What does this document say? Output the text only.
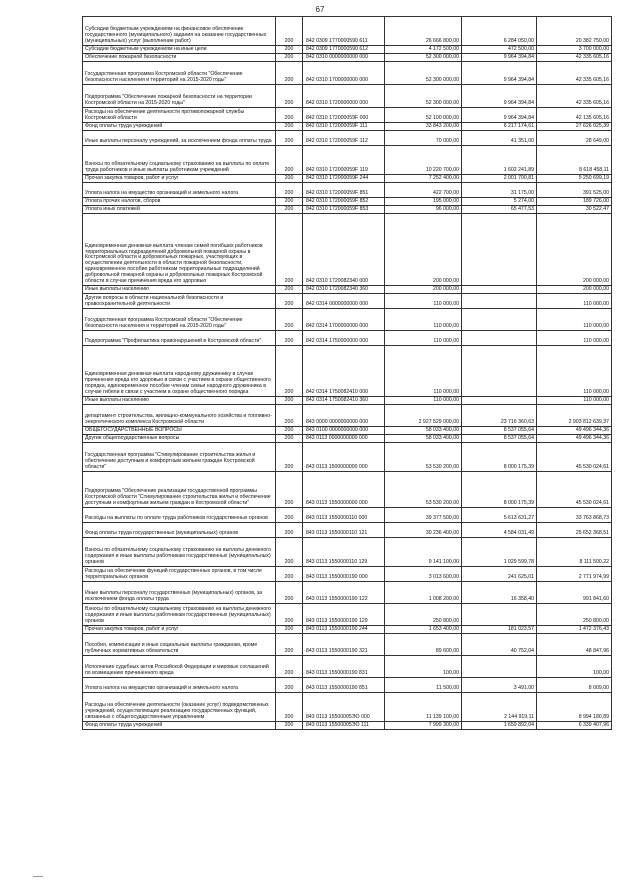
67
Субсидии бюджетным учреждениям на финансовое обеспечение государственного (муниципального) задания на оказание государственных (муниципальных) услуг (выполнение работ)	200	842 0309 1770000590 611	26 666 800,00	6 284 050,00	20 382 750,00
Субсидии бюджетным учреждениям на иные цели	200	842 0309 1770000590 612	4 172 500,00	472 500,00	3 700 000,00
Обеспечение пожарной безопасности	200	842 0310 0000000000 000	52 300 000,00	9 964 394,84	42 335 605,16
Государственная программа Костромской области "Обеспечение безопасности населения и территорий на 2015-2020 годы"	200	842 0310 1700000000 000	52 300 000,00	9 964 394,84	42 335 605,16
Подпрограмма "Обеспечение пожарной безопасности на территории Костромской области на 2015-2020 годы"	200	842 0310 1720000000 000	52 300 000,00	9 964 394,84	42 335 605,16
Расходы на обеспечение деятельности противопожарной службы Костромской области	200	842 0310 172000059F 000	52 100 000,00	9 964 394,84	42 135 605,16
Фонд оплаты труда учреждений	200	842 0310 172000059F 111	33 843 200,00	6 217 174,61	27 626 025,39
Иные выплаты персоналу учреждений, за исключением фонда оплаты труда	200	842 0310 172000059F 112	70 000,00	41 351,00	28 649,00
Взносы по обязательному социальному страхованию на выплаты по оплате труда работников и иные выплаты работникам учреждений	200	842 0310 172000059F 119	10 220 700,00	1 602 241,89	8 618 458,11
Прочая закупка товаров, работ и услуг	200	842 0310 172000059F 244	7 252 400,00	2 001 700,81	5 250 699,19
Уплата налога на имущество организаций и земельного налога	200	842 0310 172000059F 851	422 700,00	31 175,00	391 525,00
Уплата прочих налогов, сборов	200	842 0310 172000059F 852	195 000,00	5 274,00	189 726,00
Уплата иных платежей	200	842 0310 172000059F 853	96 000,00	65 477,53	30 522,47
Единовременная денежная выплата членам семей погибших работников территориальных подразделений добровольной пожарной охраны в Костромской области и добровольных пожарных, участвующих в осуществлении деятельности в области пожарной безопасности, единовременное пособие работникам территориальных подразделений добровольной пожарной охраны и добровольных пожарных Костромской области в случае причинения вреда его здоровью	200	842 0310 1720082340 000	200 000,00		200 000,00
Иные выплаты населению	200	842 0310 1720082340 360	200 000,00		200 000,00
Другие вопросы в области национальной безопасности и правоохранительной деятельности	200	842 0314 0000000000 000	110 000,00		110 000,00
Государственная программа Костромской области "Обеспечение безопасности населения и территорий на 2015-2020 годы"	200	842 0314 1700000000 000	110 000,00		110 000,00
Подпрограмма "Профилактика правонарушений в Костромской области"	200	842 0314 1750000000 000	110 000,00		110 000,00
Единовременная денежная выплата народному дружиннику в случае причинения вреда его здоровью в связи с участием в охране общественного порядка, единовременное пособие членам семьи народного дружинника в случае гибели в связи с участием в охране общественного порядка	200	842 0314 1750082410 000	110 000,00		110 000,00
Иные выплаты населению	200	842 0314 1750082410 360	110 000,00		110 000,00
департамент строительства, жилищно-коммунального хозяйства и топливно-энергетического комплекса Костромской области	200	843 0000 0000000000 000	2 927 529 000,00	23 716 360,63	2 903 812 639,37
ОБЩЕГОСУДАРСТВЕННЫЕ ВОПРОСЫ	200	843 0100 0000000000 000	58 033 400,00	8 537 055,64	49 496 344,36
Другие общегосударственные вопросы	200	843 0113 0000000000 000	58 033 400,00	8 537 055,64	49 496 344,36
Государственная программа "Стимулирование строительства жилья и обеспечение доступным и комфортным жильем граждан Костромской области"	200	843 0113 1500000000 000	53 530 200,00	8 000 175,39	45 530 024,61
Подпрограмма "Обеспечение реализации государственной программы Костромской области "Стимулирование строительства жилья и обеспечение доступным и комфортным жильем граждан в Костромской области"	200	843 0113 1550000000 000	53 530 200,00	8 000 175,39	45 530 024,61
Расходы на выплаты по оплате труда работников государственных органов	200	843 0113 1550000110 000	39 377 500,00	5 613 631,27	33 763 868,73
Фонд оплаты труда государственных (муниципальных) органов	200	843 0113 1550000110 121	30 236 400,00	4 584 031,49	25 652 368,51
Взносы по обязательному социальному страхованию на выплаты денежного содержания и иные выплаты работникам государственных (муниципальных) органов	200	843 0113 1550000110 129	9 141 100,00	1 029 599,78	8 111 500,22
Расходы на обеспечение функций государственных органов, в том числе территориальных органов	200	843 0113 1550000190 000	3 013 600,00	241 625,01	2 771 974,99
Иные выплаты персоналу государственных (муниципальных) органов, за исключением фонда оплаты труда	200	843 0113 1550000190 122	1 008 200,00	16 358,40	991 841,60
Взносы по обязательному социальному страхованию на выплаты денежного содержания и иные выплаты работникам государственных (муниципальных) органов	200	843 0113 1550000190 129	250 800,00		250 800,00
Прочая закупка товаров, работ и услуг	200	843 0113 1550000190 244	1 653 400,00	181 023,57	1 472 376,43
Пособия, компенсации и иные социальные выплаты гражданам, кроме публичных нормативных обязательств	200	843 0113 1550000190 321	89 600,00	40 752,04	48 847,96
Исполнение судебных актов Российской Федерации и мировых соглашений по возмещению причиненного вреда	200	843 0113 1550000190 831	100,00		100,00
Уплата налога на имущество организаций и земельного налога	200	843 0113 1550000190 851	11 500,00	3 491,00	8 009,00
Расходы на обеспечение деятельности (оказание услуг) подведомственных учреждений, осуществляющих реализацию государственных функций, связанных с общегосударственным управлением	200	843 0113 15500005ЭО 000	11 139 100,00	2 144 919,11	8 994 180,89
Фонд оплаты труда учреждений	200	843 0113 15500005ЭО 111	7 999 300,00	1 659 892,04	6 339 407,96
